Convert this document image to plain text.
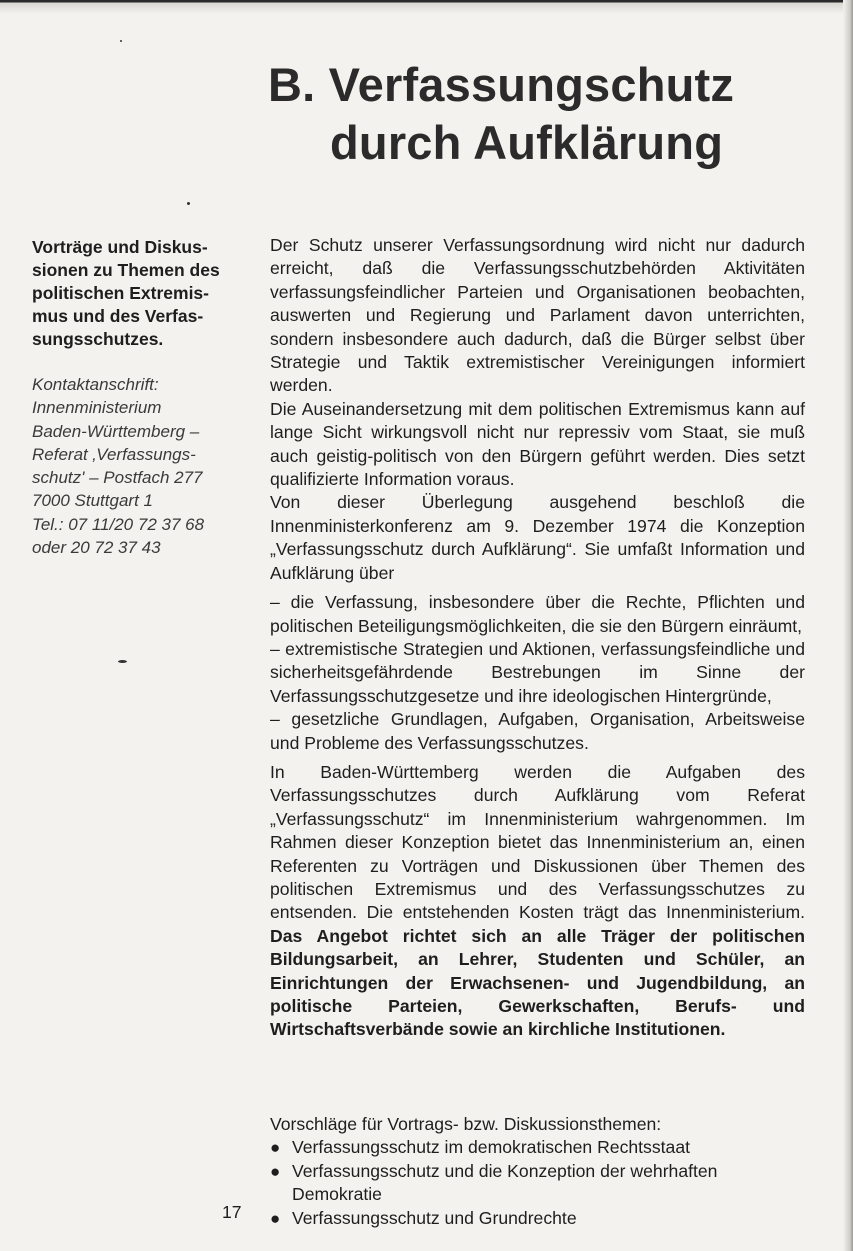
B. Verfassungschutz
durch Aufklärung

Vorträge und Diskus-
sionen zu Themen des
politischen Extremis-
mus und des Verfas-
sungsschutzes.

Kontaktanschrift:
Innenministerium
Baden-Württemberg –
Referat ‚Verfassungs-
schutz' – Postfach 277
7000 Stuttgart 1
Tel.: 07 11/20 72 37 68
oder 20 72 37 43

Der Schutz unserer Verfassungsordnung wird nicht nur dadurch erreicht, daß die Verfassungsschutzbehörden Aktivitäten verfassungsfeindlicher Parteien und Organisationen beobachten, auswerten und Regierung und Parlament davon unterrichten, sondern insbesondere auch dadurch, daß die Bürger selbst über Strategie und Taktik extremistischer Vereinigungen informiert werden.

Die Auseinandersetzung mit dem politischen Extremismus kann auf lange Sicht wirkungsvoll nicht nur repressiv vom Staat, sie muß auch geistig-politisch von den Bürgern geführt werden. Dies setzt qualifizierte Information voraus.

Von dieser Überlegung ausgehend beschloß die Innenministerkonferenz am 9. Dezember 1974 die Konzeption „Verfassungsschutz durch Aufklärung“. Sie umfaßt Information und Aufklärung über

– die Verfassung, insbesondere über die Rechte, Pflichten und politischen Beteiligungsmöglichkeiten, die sie den Bürgern einräumt,

– extremistische Strategien und Aktionen, verfassungsfeindliche und sicherheitsgefährdende Bestrebungen im Sinne der Verfassungsschutzgesetze und ihre ideologischen Hintergründe,

– gesetzliche Grundlagen, Aufgaben, Organisation, Arbeitsweise und Probleme des Verfassungsschutzes.

In Baden-Württemberg werden die Aufgaben des Verfassungsschutzes durch Aufklärung vom Referat „Verfassungsschutz“ im Innenministerium wahrgenommen. Im Rahmen dieser Konzeption bietet das Innenministerium an, einen Referenten zu Vorträgen und Diskussionen über Themen des politischen Extremismus und des Verfassungsschutzes zu entsenden. Die entstehenden Kosten trägt das Innenministerium. Das Angebot richtet sich an alle Träger der politischen Bildungsarbeit, an Lehrer, Studenten und Schüler, an Einrichtungen der Erwachsenen- und Jugendbildung, an politische Parteien, Gewerkschaften, Berufs- und Wirtschaftsverbände sowie an kirchliche Institutionen.

Vorschläge für Vortrags- bzw. Diskussionsthemen:

● Verfassungsschutz im demokratischen Rechtsstaat
● Verfassungsschutz und die Konzeption der wehrhaften Demokratie
● Verfassungsschutz und Grundrechte
17
